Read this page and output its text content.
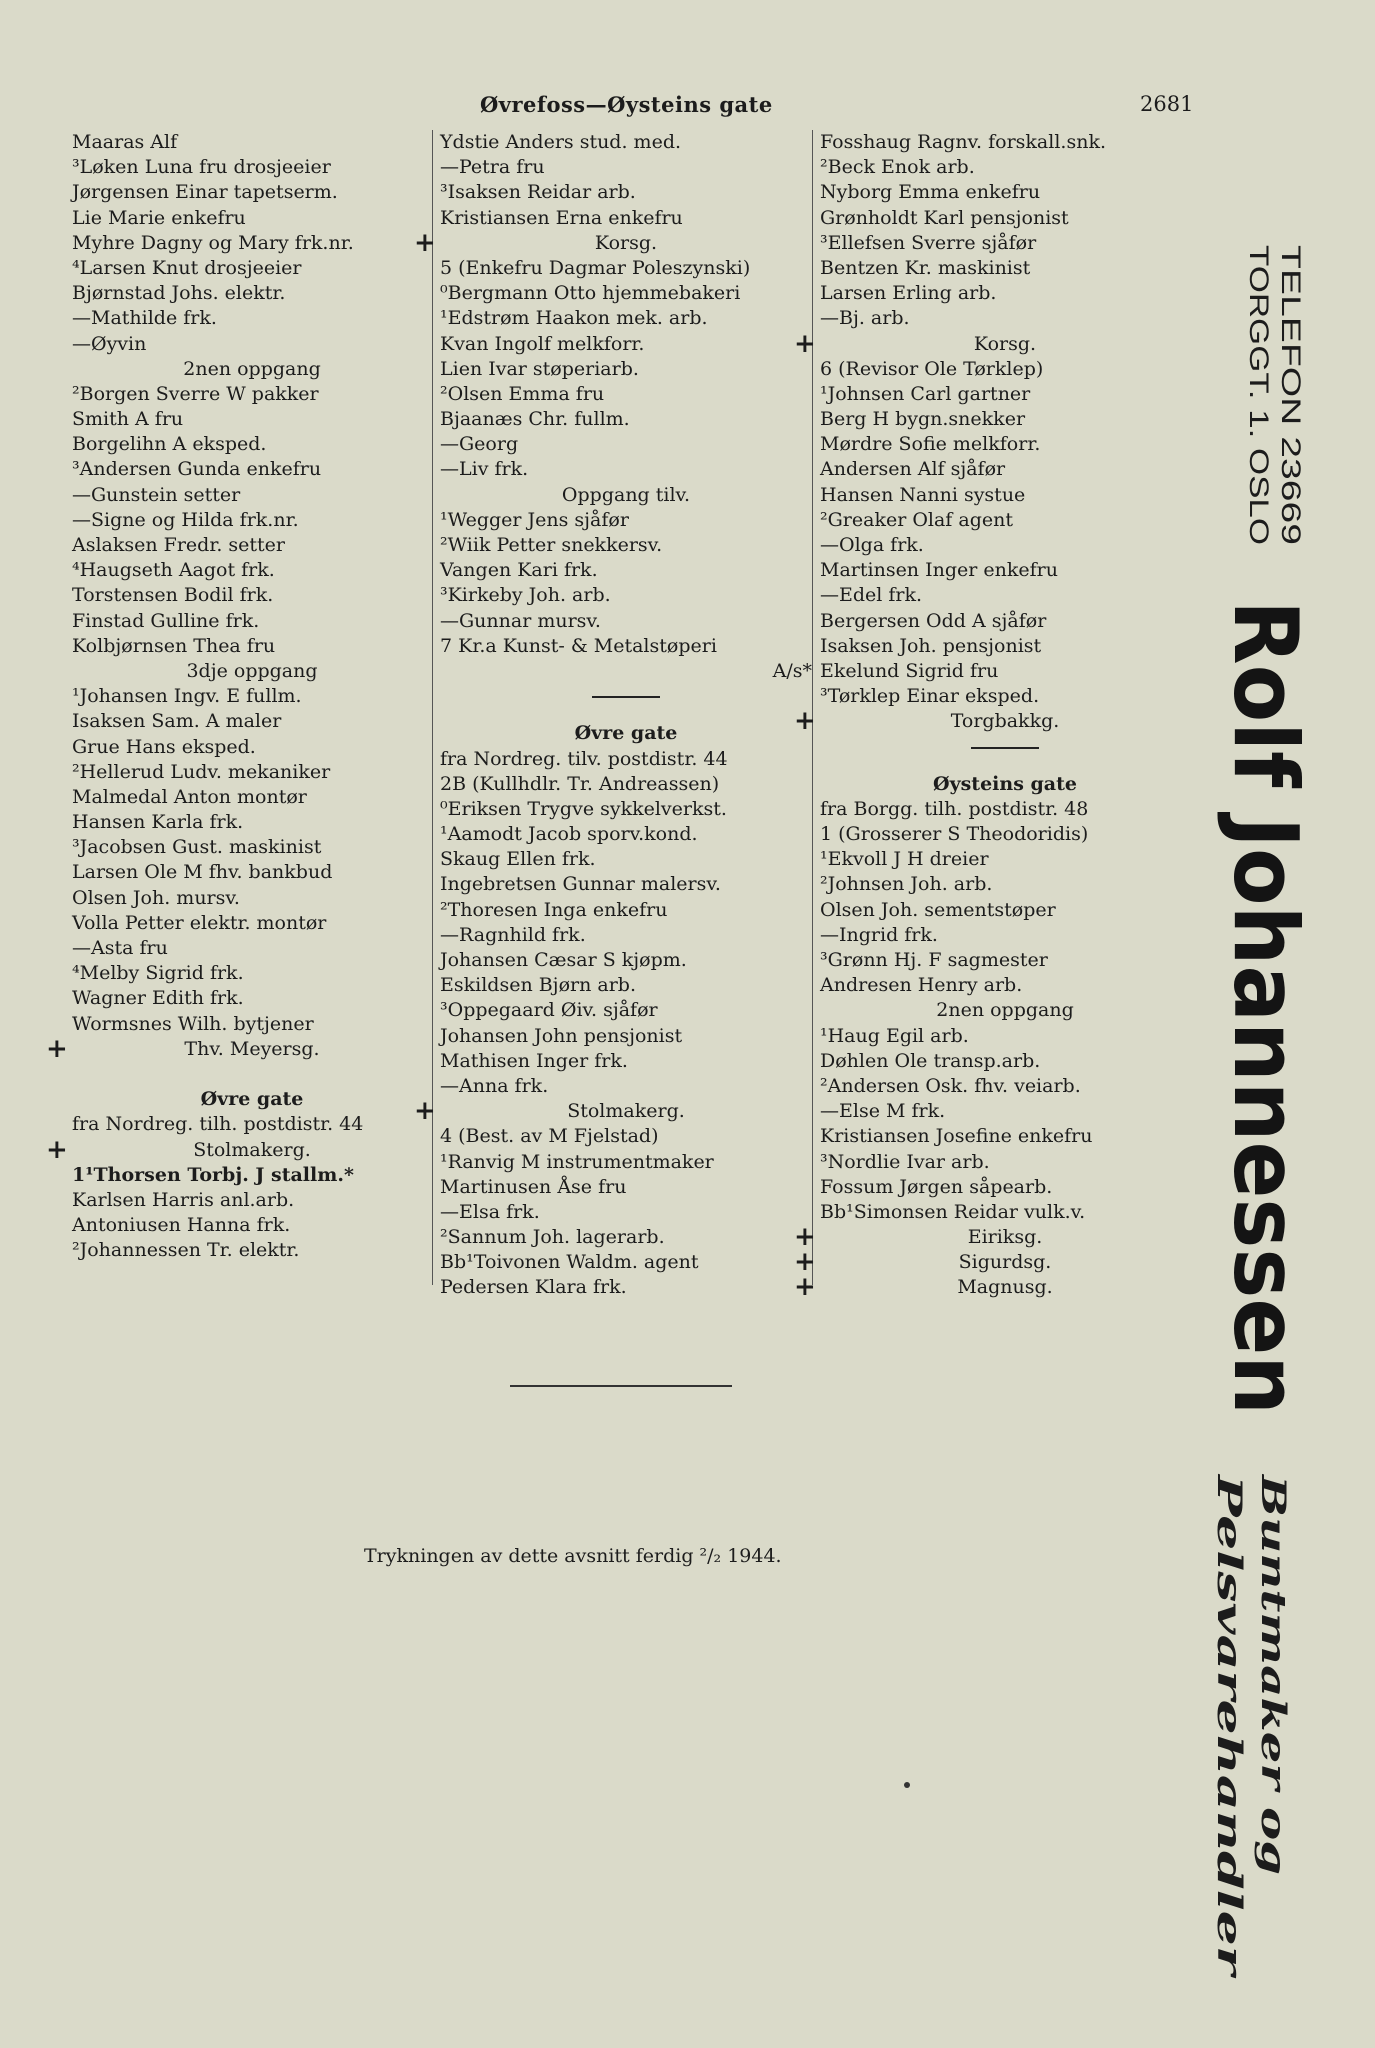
Øvrefoss—Øysteins gate	2681
Maaras Alf
³Løken Luna fru drosjeeier
Jørgensen Einar tapetserm.
Lie Marie enkefru
Myhre Dagny og Mary frk.nr.
⁴Larsen Knut drosjeeier
Bjørnstad Johs. elektr.
—Mathilde frk.
—Øyvin
2nen oppgang
²Borgen Sverre W pakker
Smith A fru
Borgelihn A eksped.
³Andersen Gunda enkefru
—Gunstein setter
—Signe og Hilda frk.nr.
Aslaksen Fredr. setter
⁴Haugseth Aagot frk.
Torstensen Bodil frk.
Finstad Gulline frk.
Kolbjørnsen Thea fru
3dje oppgang
¹Johansen Ingv. E fullm.
Isaksen Sam. A maler
Grue Hans eksped.
²Hellerud Ludv. mekaniker
Malmedal Anton montør
Hansen Karla frk.
³Jacobsen Gust. maskinist
Larsen Ole M fhv. bankbud
Olsen Joh. mursv.
Volla Petter elektr. montør
—Asta fru
⁴Melby Sigrid frk.
Wagner Edith frk.
Wormsnes Wilh. bytjener
+	Thv. Meyersg.
Øvre gate
fra Nordreg. tilh. postdistr. 44
+	Stolmakerg.
1¹Thorsen Torbj. J stallm.*
Karlsen Harris anl.arb.
Antoniusen Hanna frk.
²Johannessen Tr. elektr.
Ydstie Anders stud. med.
—Petra fru
³Isaksen Reidar arb.
Kristiansen Erna enkefru
+	Korsg.
5 (Enkefru Dagmar Poleszynski)
⁰Bergmann Otto hjemmebakeri
¹Edstrøm Haakon mek. arb.
Kvan Ingolf melkforr.
Lien Ivar støperiarb.
²Olsen Emma fru
Bjaanæs Chr. fullm.
—Georg
—Liv frk.
Oppgang tilv.
¹Wegger Jens sjåfør
²Wiik Petter snekkersv.
Vangen Kari frk.
³Kirkeby Joh. arb.
—Gunnar mursv.
7 Kr.a Kunst- & Metalstøperi
A/s*
Øvre gate
fra Nordreg. tilv. postdistr. 44
2B (Kullhdlr. Tr. Andreassen)
⁰Eriksen Trygve sykkelverkst.
¹Aamodt Jacob sporv.kond.
Skaug Ellen frk.
Ingebretsen Gunnar malersv.
²Thoresen Inga enkefru
—Ragnhild frk.
Johansen Cæsar S kjøpm.
Eskildsen Bjørn arb.
³Oppegaard Øiv. sjåfør
Johansen John pensjonist
Mathisen Inger frk.
—Anna frk.
+	Stolmakerg.
4 (Best. av M Fjelstad)
¹Ranvig M instrumentmaker
Martinusen Åse fru
—Elsa frk.
²Sannum Joh. lagerarb.
Bb¹Toivonen Waldm. agent
Pedersen Klara frk.
Fosshaug Ragnv. forskall.snk.
²Beck Enok arb.
Nyborg Emma enkefru
Grønholdt Karl pensjonist
³Ellefsen Sverre sjåfør
Bentzen Kr. maskinist
Larsen Erling arb.
—Bj. arb.
+	Korsg.
6 (Revisor Ole Tørklep)
¹Johnsen Carl gartner
Berg H bygn.snekker
Mørdre Sofie melkforr.
Andersen Alf sjåfør
Hansen Nanni systue
²Greaker Olaf agent
—Olga frk.
Martinsen Inger enkefru
—Edel frk.
Bergersen Odd A sjåfør
Isaksen Joh. pensjonist
Ekelund Sigrid fru
³Tørklep Einar eksped.
+	Torgbakkg.
Øysteins gate
fra Borgg. tilh. postdistr. 48
1 (Grosserer S Theodoridis)
¹Ekvoll J H dreier
²Johnsen Joh. arb.
Olsen Joh. sementstøper
—Ingrid frk.
³Grønn Hj. F sagmester
Andresen Henry arb.
2nen oppgang
¹Haug Egil arb.
Døhlen Ole transp.arb.
²Andersen Osk. fhv. veiarb.
—Else M frk.
Kristiansen Josefine enkefru
³Nordlie Ivar arb.
Fossum Jørgen såpearb.
Bb¹Simonsen Reidar vulk.v.
+	Eiriksg.
+	Sigurdsg.
+	Magnusg.
TORGGT. 1. OSLO TELEFON 23669
Rolf Johannessen
Buntmaker og
Pelsvarehandler
Trykningen av dette avsnitt ferdig ²/₂ 1944.
